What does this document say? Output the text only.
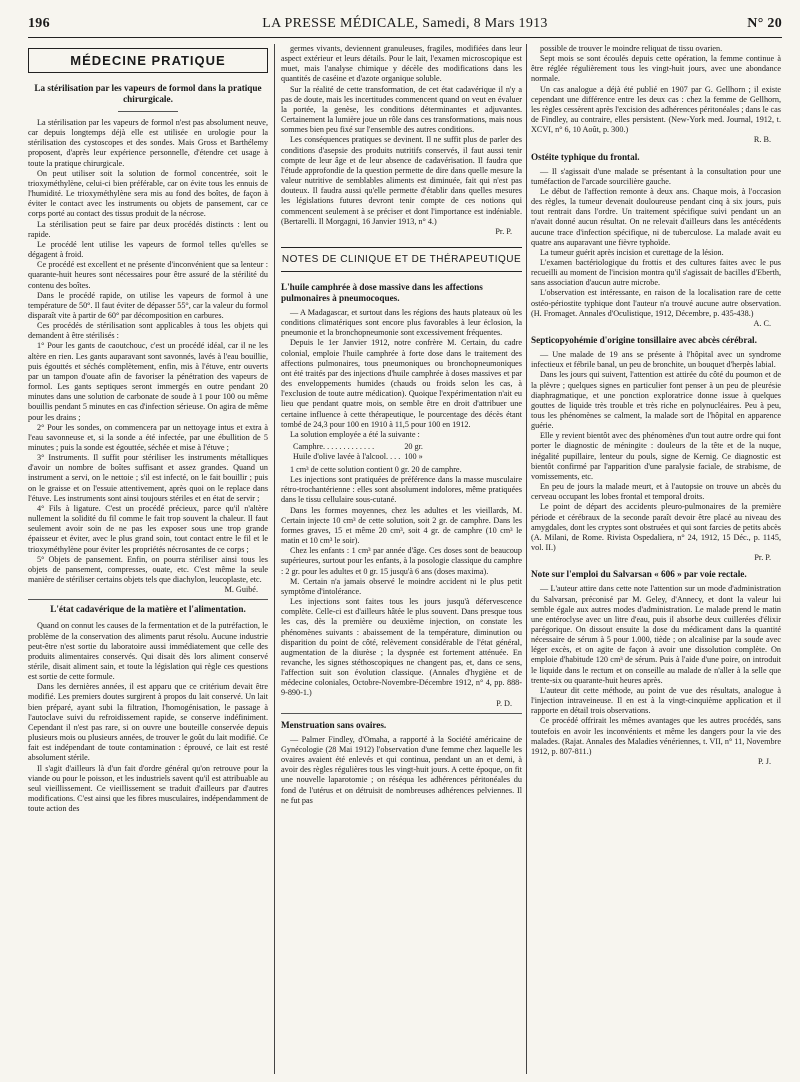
196	LA PRESSE MÉDICALE, Samedi, 8 Mars 1913	N° 20
MÉDECINE PRATIQUE
La stérilisation par les vapeurs de formol dans la pratique chirurgicale.

La stérilisation par les vapeurs de formol n'est pas absolument neuve, car depuis longtemps déjà elle est utilisée en urologie pour la stérilisation des cystoscopes et des sondes. Mais Gross et Barthélemy proposent, d'après leur expérience personnelle, d'étendre cet usage à toute la pratique chirurgicale.

On peut utiliser soit la solution de formol concentrée, soit le trioxyméthylène, celui-ci bien préférable, car on évite tous les ennuis de l'humidité. Le trioxyméthylène sera mis au fond des boîtes, de façon à éviter le contact avec les instruments ou objets de pansement, car ce corps porté au contact des tissus produit de la nécrose.

La stérilisation peut se faire par deux procédés distincts : lent ou rapide.

Le procédé lent utilise les vapeurs de formol telles qu'elles se dégagent à froid.

Ce procédé est excellent et ne présente d'inconvénient que sa lenteur : quarante-huit heures sont nécessaires pour être assuré de la stérilité du contenu des boîtes.

Dans le procédé rapide, on utilise les vapeurs de formol à une température de 50°. Il faut éviter de dépasser 55°, car la valeur du formol disparaît vite à partir de 60° par décomposition en carbures.

Ces procédés de stérilisation sont applicables à tous les objets qui demandent à être stérilisés :

1° Pour les gants de caoutchouc, c'est un procédé idéal, car il ne les altère en rien. Les gants auparavant sont savonnés, lavés à l'eau bouillie, puis égouttés et séchés complètement, enfin, mis à l'étuve, entr ouverts par un tampon d'ouate afin de favoriser la pénétration des vapeurs de formol. Les gants septiques seront immergés en outre pendant 20 minutes dans une solution de carbonate de soude à 1 pour 100 ou même bouillis pendant 5 minutes en cas d'infection sérieuse. On agira de même pour les drains ;

2° Pour les sondes, on commencera par un nettoyage intus et extra à l'eau savonneuse et, si la sonde a été infectée, par une ébullition de 5 minutes ; puis la sonde est égouttée, séchée et mise à l'étuve ;

3° Instruments. Il suffit pour stériliser les instruments métalliques d'avoir un nombre de boîtes suffisant et assez grandes. Quand un instrument a servi, on le nettoie ; s'il est infecté, on le fait bouillir ; puis on le graisse et on l'essuie attentivement, après quoi on le replace dans l'étuve. Les instruments sont ainsi toujours stériles et en état de servir ;

4° Fils à ligature. C'est un procédé précieux, parce qu'il n'altère nullement la solidité du fil comme le fait trop souvent la chaleur. Il faut seulement avoir soin de ne pas les exposer sous une trop grande épaisseur et éviter, avec le plus grand soin, tout contact entre le fil et le trioxyméthylène pour éviter les propriétés nécrosantes de ce corps ;

5° Objets de pansement. Enfin, on pourra stériliser ainsi tous les objets de pansement, compresses, ouate, etc. C'est même la seule manière de stériliser certains objets tels que diachylon, leucoplaste, etc.

M. Guibé.

L'état cadavérique de la matière et l'alimentation.

Quand on connut les causes de la fermentation et de la putréfaction, le problème de la conservation des aliments parut résolu. Aucune industrie peut-être n'est sortie du laboratoire aussi immédiatement que celle des produits alimentaires conservés. Qui disait dès lors aliment conservé stérile, disait aliment sain, et toute la législation qui règle ces questions est sortie de cette formule.

Dans les dernières années, il est apparu que ce critérium devait être modifié. Les premiers doutes surgirent à propos du lait conservé. Un lait bien préparé, ayant subi la filtration, l'homogénisation, le passage à l'autoclave suivi du refroidissement rapide, se conserve indéfiniment. Cependant il n'est pas rare, si on ouvre une bouteille conservée depuis plusieurs mois ou plusieurs années, de trouver le goût du lait modifié. Ce fait est indépendant de toute contamination : éprouvé, ce lait est resté absolument stérile.

Il s'agit d'ailleurs là d'un fait d'ordre général qu'on retrouve pour la viande ou pour le poisson, et les industriels savent qu'il est attribuable au seul vieillissement. Ce vieillissement se traduit d'ailleurs par d'autres modifications. C'est ainsi que les fibres musculaires, indépendamment de toute action des

germes vivants, deviennent granuleuses, fragiles, modifiées dans leur aspect extérieur et leurs détails. Pour le lait, l'examen microscopique est muet, mais l'analyse chimique y décèle des modifications dans les quantités de caséine et d'azote organique soluble.

Sur la réalité de cette transformation, de cet état cadavérique il n'y a pas de doute, mais les incertitudes commencent quand on veut en évaluer la portée, la genèse, les conditions déterminantes et adjuvantes. Certainement la lumière joue un rôle dans ces transformations, mais nous sommes bien peu fixé sur l'ensemble des autres conditions.

Les conséquences pratiques se devinent. Il ne suffit plus de parler des conditions d'asepsie des produits nutritifs conservés, il faut aussi tenir compte de leur âge et de leur absence de cadavérisation. Il faudra que l'étude approfondie de la question permette de dire dans quelle mesure la valeur nutritive de semblables aliments est diminuée, fait qui n'est pas douteux. Il faudra aussi qu'elle permette d'établir dans quelles mesures les législations futures devront tenir compte de ces notions qui commencent seulement à se préciser et dont l'importance est indéniable. (Bertarelli. Il Morgagni, 16 Janvier 1913, n° 4.)

Pr. P.

NOTES DE CLINIQUE ET DE THÉRAPEUTIQUE
L'huile camphrée à dose massive dans les affections pulmonaires à pneumocoques.

— A Madagascar, et surtout dans les régions des hauts plateaux où les conditions climatériques sont encore plus favorables à leur éclosion, la pneumonie et la bronchopneumonie sont excessivement fréquentes.

Depuis le 1er Janvier 1912, notre confrère M. Certain, du cadre colonial, emploie l'huile camphrée à forte dose dans le traitement des affections pulmonaires, tous pneumoniques ou bronchopneumoniques ont été traités par des injections d'huile camphrée à doses massives et par des enveloppements humides (chauds ou froids selon les cas, à l'exclusion de toute autre médication). Quoique l'expérimentation n'ait eu lieu que pendant quatre mois, on semble être en droit d'attribuer une certaine influence à cette thérapeutique, le pourcentage des décès étant tombé de 24,3 pour 100 en 1910 à 11,5 pour 100 en 1912.

La solution employée a été la suivante :

Camphre. . . . . . . . . . . . .	20 gr.
Huile d'olive lavée à l'alcool. . . .	100 »

1 cm³ de cette solution contient 0 gr. 20 de camphre.

Les injections sont pratiquées de préférence dans la masse musculaire rétro-trochantérienne : elles sont absolument indolores, même pratiquées dans le tissu cellulaire sous-cutané.

Dans les formes moyennes, chez les adultes et les vieillards, M. Certain injecte 10 cm³ de cette solution, soit 2 gr. de camphre. Dans les formes graves, 15 et même 20 cm³, soit 4 gr. de camphre (10 cm³ le matin et 10 cm³ le soir).

Chez les enfants : 1 cm³ par année d'âge. Ces doses sont de beaucoup supérieures, surtout pour les enfants, à la posologie classique du camphre : 2 gr. pour les adultes et 0 gr. 15 jusqu'à 6 ans (doses maxima).

M. Certain n'a jamais observé le moindre accident ni le plus petit symptôme d'intolérance.

Les injections sont faites tous les jours jusqu'à défervescence complète. Celle-ci est d'ailleurs hâtée le plus souvent. Dans presque tous les cas, dès la première ou deuxième injection, on constate les phénomènes suivants : abaissement de la température, diminution ou disparition du point de côté, relèvement considérable de l'état général, augmentation de la diurèse ; la dyspnée est fortement atténuée. En revanche, les signes stéthoscopiques ne changent pas, et, dans ce sens, l'affection suit son évolution classique. (Annales d'hygiène et de médecine coloniales, Octobre-Novembre-Décembre 1912, n° 4, pp. 888-9-890-1.)

P. D.

Menstruation sans ovaires.

— Palmer Findley, d'Omaha, a rapporté à la Société américaine de Gynécologie (28 Mai 1912) l'observation d'une femme chez laquelle les ovaires avaient été enlevés et qui continua, pendant un an et demi, à avoir des règles régulières tous les vingt-huit jours. A cette époque, on fit une nouvelle laparotomie ; on réséqua les adhérences péritonéales du fond de l'utérus et on détruisit de nombreuses adhérences pelviennes. Il ne fut pas

possible de trouver le moindre reliquat de tissu ovarien.

Sept mois se sont écoulés depuis cette opération, la femme continue à être réglée régulièrement tous les vingt-huit jours, avec une abondance normale.

Un cas analogue a déjà été publié en 1907 par G. Gellhorn ; il existe cependant une différence entre les deux cas : chez la femme de Gellhorn, les règles cessèrent après l'excision des adhérences péritonéales ; dans le cas de Findley, au contraire, elles persistent. (New-York med. Journal, 1912, t. XCVI, n° 6, 10 Août, p. 300.)

R. B.

Ostéite typhique du frontal.

— Il s'agissait d'une malade se présentant à la consultation pour une tuméfaction de l'arcade sourcilière gauche.

Le début de l'affection remonte à deux ans. Chaque mois, à l'occasion des règles, la tumeur devenait douloureuse pendant cinq à six jours, puis tout rentrait dans l'ordre. Un traitement spécifique suivi pendant un an n'avait donné aucun résultat. On ne relevait d'ailleurs dans les antécédents aucune trace d'infection spécifique, ni de tuberculose. La malade avait eu quatre ans auparavant une fièvre typhoïde.

La tumeur guérit après incision et curettage de la lésion.

L'examen bactériologique du frottis et des cultures faites avec le pus recueilli au moment de l'incision montra qu'il s'agissait de bacilles d'Eberth, sans association d'aucun autre microbe.

L'observation est intéressante, en raison de la localisation rare de cette ostéo-périostite typhique dont l'auteur n'a trouvé aucune autre observation. (H. Fromaget. Annales d'Oculistique, 1912, Décembre, p. 435-438.)

A. C.

Septicopyohémie d'origine tonsillaire avec abcès cérébral.

— Une malade de 19 ans se présente à l'hôpital avec un syndrome infectieux et fébrile banal, un peu de bronchite, un bouquet d'herpès labial.

Dans les jours qui suivent, l'attention est attirée du côté du poumon et de la plèvre ; quelques signes en particulier font penser à un peu de pleurésie diaphragmatique, et une ponction exploratrice donne issue à quelques gouttes de liquide très trouble et très riche en polynucléaires. Peu à peu, tous les phénomènes se calment, la malade sort de l'hôpital en apparence guérie.

Elle y revient bientôt avec des phénomènes d'un tout autre ordre qui font porter le diagnostic de méningite : douleurs de la tête et de la nuque, inégalité pupillaire, lenteur du pouls, signe de Kernig. Ce diagnostic est bientôt confirmé par l'apparition d'une paralysie faciale, de strabisme, de vomissements, etc.

En peu de jours la malade meurt, et à l'autopsie on trouve un abcès du cerveau occupant les lobes frontal et temporal droits.

Le point de départ des accidents pleuro-pulmonaires de la première période et cérébraux de la seconde paraît devoir être placé au niveau des amygdales, dont les cryptes sont obstruées et qui sont farcies de petits abcès (A. Milani, de Rome. Rivista Ospedaliera, n° 24, 1912, 15 Déc., p. 1145, vol. II.)

Pr. P.

Note sur l'emploi du Salvarsan « 606 » par voie rectale.

— L'auteur attire dans cette note l'attention sur un mode d'administration du Salvarsan, préconisé par M. Geley, d'Annecy, et dont la valeur lui semble égale aux autres modes d'administration. Le malade prend le matin une entéroclyse avec un litre d'eau, puis il absorbe deux cuillerées d'élixir parégorique. On dissout ensuite la dose du médicament dans la quantité nécessaire de sérum à 5 pour 1.000, tiède ; on alcalinise par la soude avec léger excès, et on agite de façon à avoir une dissolution complète. On emploie d'habitude 120 cm³ de sérum. Puis à l'aide d'une poire, on introduit le liquide dans le rectum et on conseille au malade de n'aller à la selle que trente-six ou quarante-huit heures après.

L'auteur dit cette méthode, au point de vue des résultats, analogue à l'injection intraveineuse. Il en est à la vingt-cinquième application et il rapporte en détail trois observations.

Ce procédé offrirait les mêmes avantages que les autres procédés, sans toutefois en avoir les inconvénients et même les dangers pour la vie des malades. (Rajat. Annales des Maladies vénériennes, t. VII, n° 11, Novembre 1912, p. 807-811.)

P. J.
